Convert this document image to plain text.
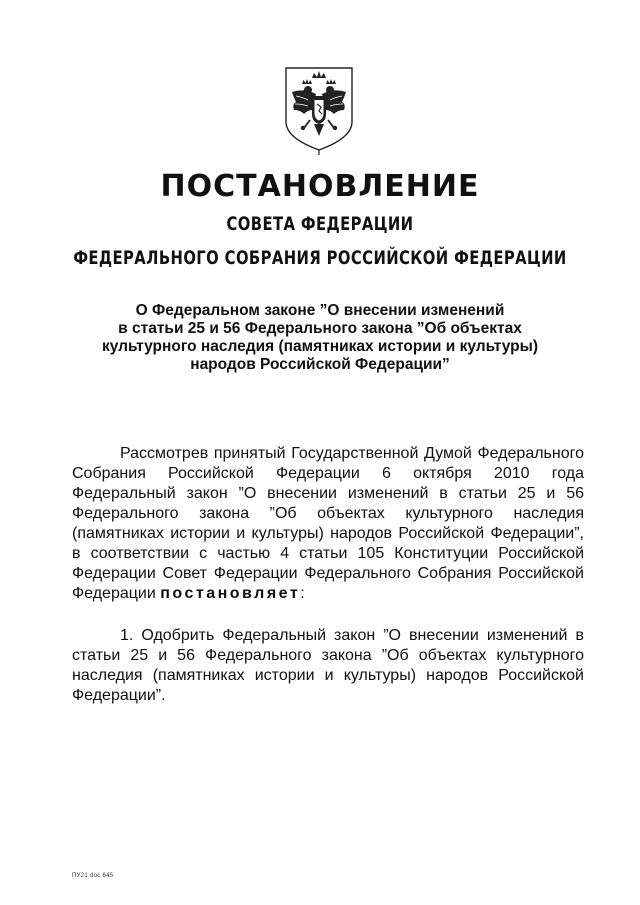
ПОСТАНОВЛЕНИЕ
СОВЕТА ФЕДЕРАЦИИ
ФЕДЕРАЛЬНОГО СОБРАНИЯ РОССИЙСКОЙ ФЕДЕРАЦИИ
О Федеральном законе ”О внесении изменений
в статьи 25 и 56 Федерального закона ”Об объектах
культурного наследия (памятниках истории и культуры)
народов Российской Федерации”
Рассмотрев принятый Государственной Думой Федерального
Собрания Российской Федерации 6 октября 2010 года
Федеральный закон ”О внесении изменений в статьи 25 и 56
Федерального закона ”Об объектах культурного наследия
(памятниках истории и культуры) народов Российской Федерации”,
в соответствии с частью 4 статьи 105 Конституции Российской
Федерации Совет Федерации Федерального Собрания Российской
Федерации постановляет:
1. Одобрить Федеральный закон ”О внесении изменений в
статьи 25 и 56 Федерального закона ”Об объектах культурного
наследия (памятниках истории и культуры) народов Российской
Федерации”.
ПУ21 doc 645
